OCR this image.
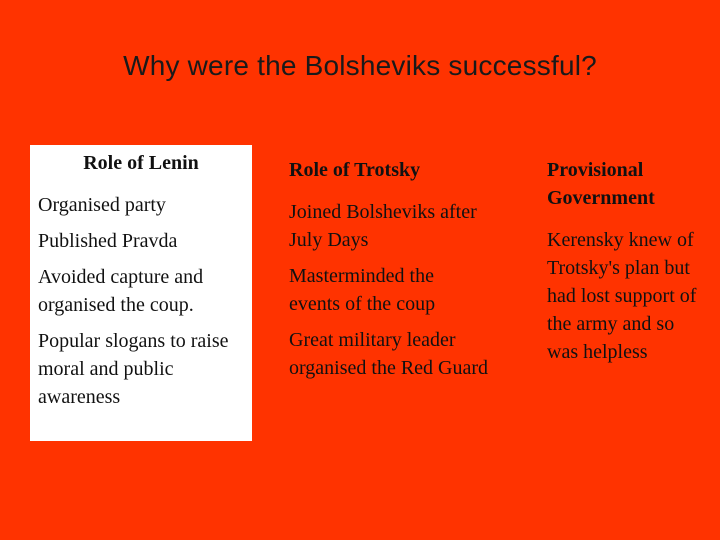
Why were the Bolsheviks successful?

Role of Lenin

Organised party

Published Pravda

Avoided capture and organised the coup.

Popular slogans to raise moral and public awareness

Role of Trotsky

Joined Bolsheviks after July Days

Masterminded the events of the coup

Great military leader organised the Red Guard

Provisional Government

Kerensky knew of Trotsky's plan but had lost support of the army and so was helpless
